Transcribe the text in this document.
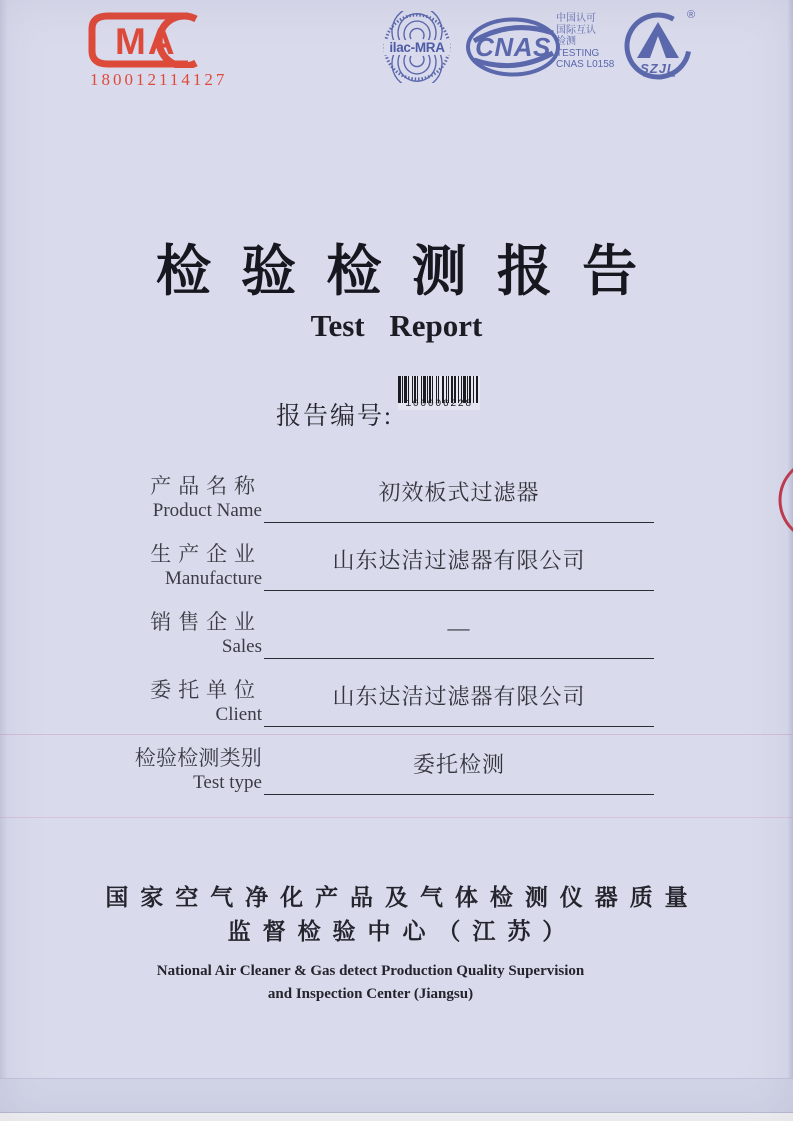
MA
180012114127
ilac-MRA CNAS
中国认可
国际互认
检测
TESTING
CNAS L0158	SZJL
®
检验检测报告
Test Report
报告编号:	100006228
产品名称
Product Name
初效板式过滤器
生产企业
Manufacture
山东达洁过滤器有限公司
销售企业
Sales
—
委托单位
Client
山东达洁过滤器有限公司
检验检测类别
Test type
委托检测
国家空气净化产品及气体检测仪器质量
监督检验中心（江苏）
National Air Cleaner & Gas detect Production Quality Supervision
and Inspection Center (Jiangsu)
